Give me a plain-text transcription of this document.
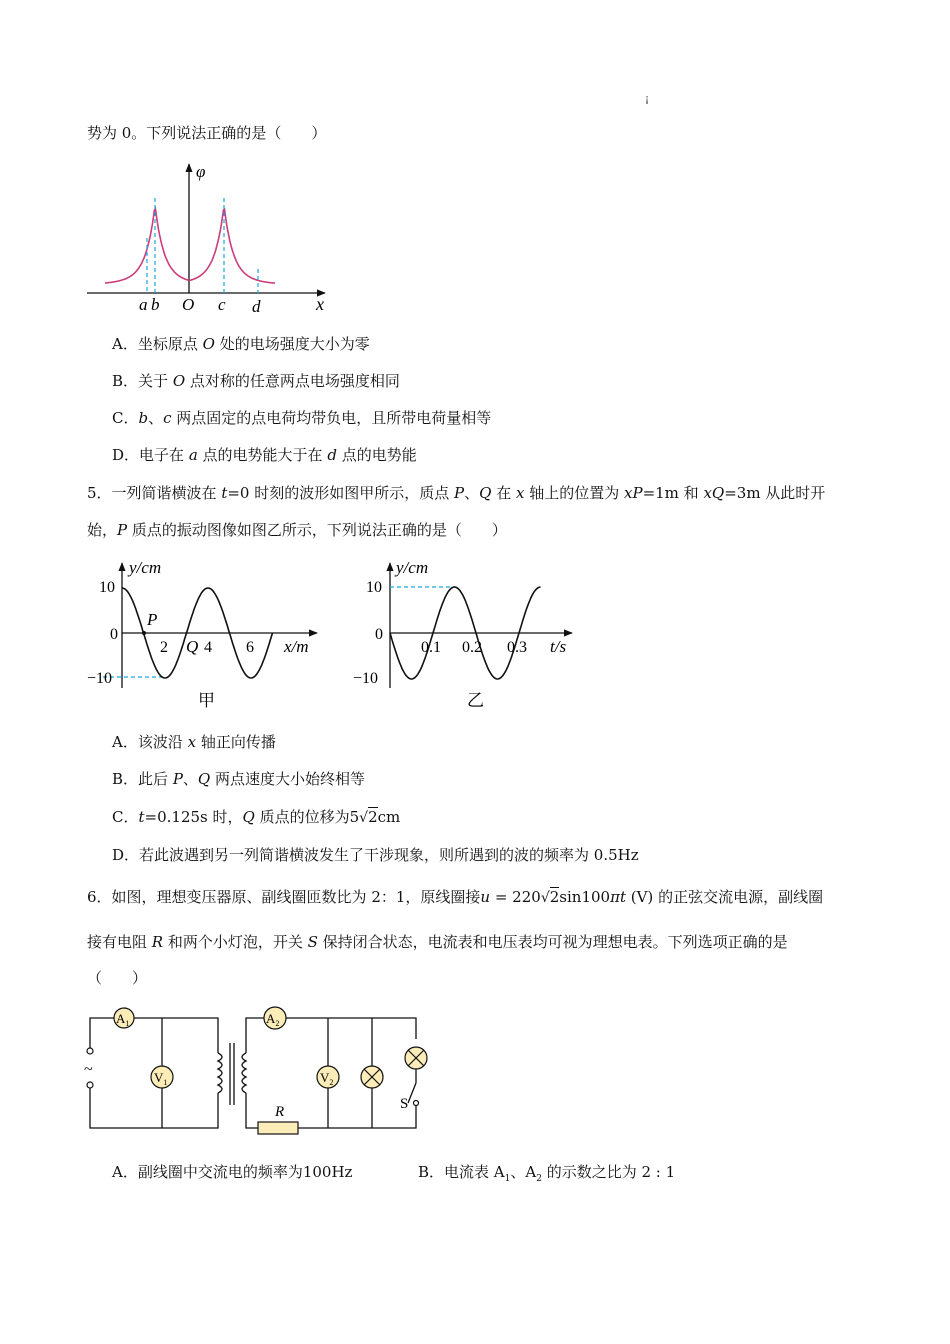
¡
势为 0。下列说法正确的是（　　）
φ
x
a b O c d
A．坐标原点 O 处的电场强度大小为零
B．关于 O 点对称的任意两点电场强度相同
C．b、c 两点固定的点电荷均带负电，且所带电荷量相等
D．电子在 a 点的电势能大于在 d 点的电势能
5．一列简谐横波在 t=0 时刻的波形如图甲所示，质点 P、Q 在 x 轴上的位置为 xP=1m 和 xQ=3m 从此时开
始，P 质点的振动图像如图乙所示，下列说法正确的是（　　）
y/cm
10
0
−10
2 4 6
P
Q	x/m
甲
y/cm
10
0
−10
0.1 0.2 0.3 t/s
乙
A．该波沿 x 轴正向传播
B．此后 P、Q 两点速度大小始终相等
C．t=0.125s 时，Q 质点的位移为5√2cm
D．若此波遇到另一列简谐横波发生了干涉现象，则所遇到的波的频率为 0.5Hz
6．如图，理想变压器原、副线圈匝数比为 2：1，原线圈接u = 220√2sin100πt (V) 的正弦交流电源，副线圈
接有电阻 R 和两个小灯泡，开关 S 保持闭合状态，电流表和电压表均可视为理想电表。下列选项正确的是
（　　）
~
$A_1$
$V_1$
$A_2$
$V_2$
R	S
A．副线圈中交流电的频率为100Hz	B．电流表 $A_1$、$A_2$ 的示数之比为 2 : 1
